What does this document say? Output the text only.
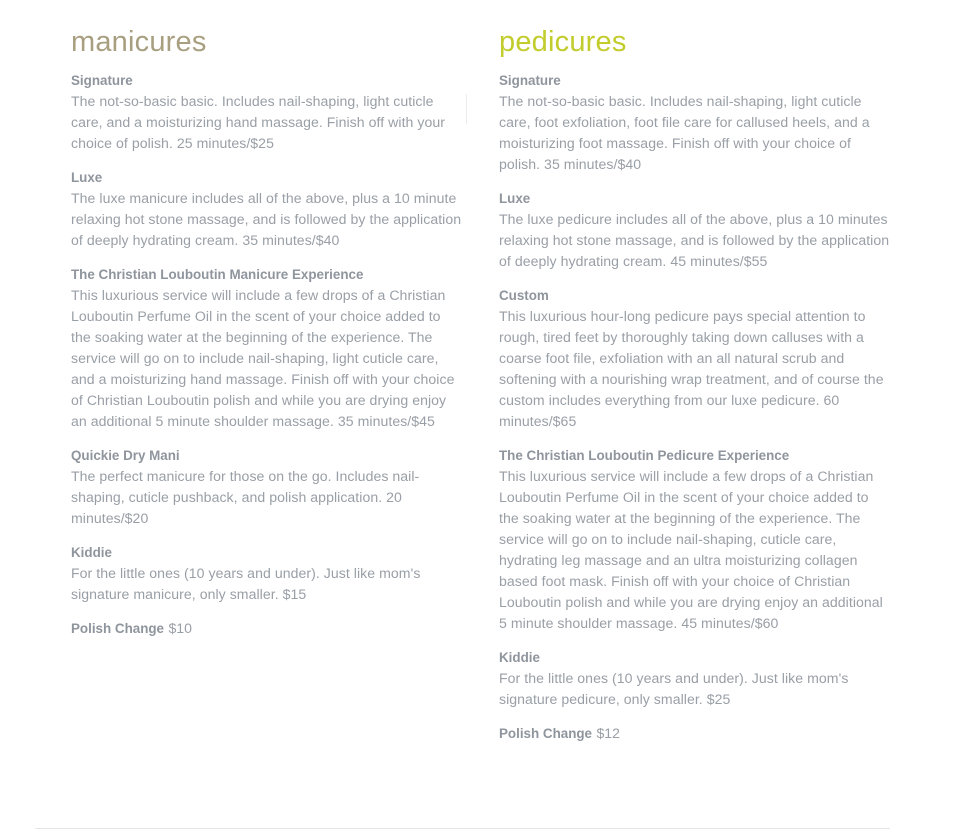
manicures
Signature
The not-so-basic basic. Includes nail-shaping, light cuticle care, and a moisturizing hand massage. Finish off with your choice of polish. 25 minutes/$25
Luxe
The luxe manicure includes all of the above, plus a 10 minute relaxing hot stone massage, and is followed by the application of deeply hydrating cream. 35 minutes/$40
The Christian Louboutin Manicure Experience
This luxurious service will include a few drops of a Christian Louboutin Perfume Oil in the scent of your choice added to the soaking water at the beginning of the experience. The service will go on to include nail-shaping, light cuticle care, and a moisturizing hand massage. Finish off with your choice of Christian Louboutin polish and while you are drying enjoy an additional 5 minute shoulder massage. 35 minutes/$45
Quickie Dry Mani
The perfect manicure for those on the go. Includes nail-shaping, cuticle pushback, and polish application. 20 minutes/$20
Kiddie
For the little ones (10 years and under). Just like mom's signature manicure, only smaller. $15
Polish Change $10
pedicures
Signature
The not-so-basic basic. Includes nail-shaping, light cuticle care, foot exfoliation, foot file care for callused heels, and a moisturizing foot massage. Finish off with your choice of polish. 35 minutes/$40
Luxe
The luxe pedicure includes all of the above, plus a 10 minutes relaxing hot stone massage, and is followed by the application of deeply hydrating cream. 45 minutes/$55
Custom
This luxurious hour-long pedicure pays special attention to rough, tired feet by thoroughly taking down calluses with a coarse foot file, exfoliation with an all natural scrub and softening with a nourishing wrap treatment, and of course the custom includes everything from our luxe pedicure. 60 minutes/$65
The Christian Louboutin Pedicure Experience
This luxurious service will include a few drops of a Christian Louboutin Perfume Oil in the scent of your choice added to the soaking water at the beginning of the experience. The service will go on to include nail-shaping, cuticle care, hydrating leg massage and an ultra moisturizing collagen based foot mask. Finish off with your choice of Christian Louboutin polish and while you are drying enjoy an additional 5 minute shoulder massage. 45 minutes/$60
Kiddie
For the little ones (10 years and under). Just like mom's signature pedicure, only smaller. $25
Polish Change $12
